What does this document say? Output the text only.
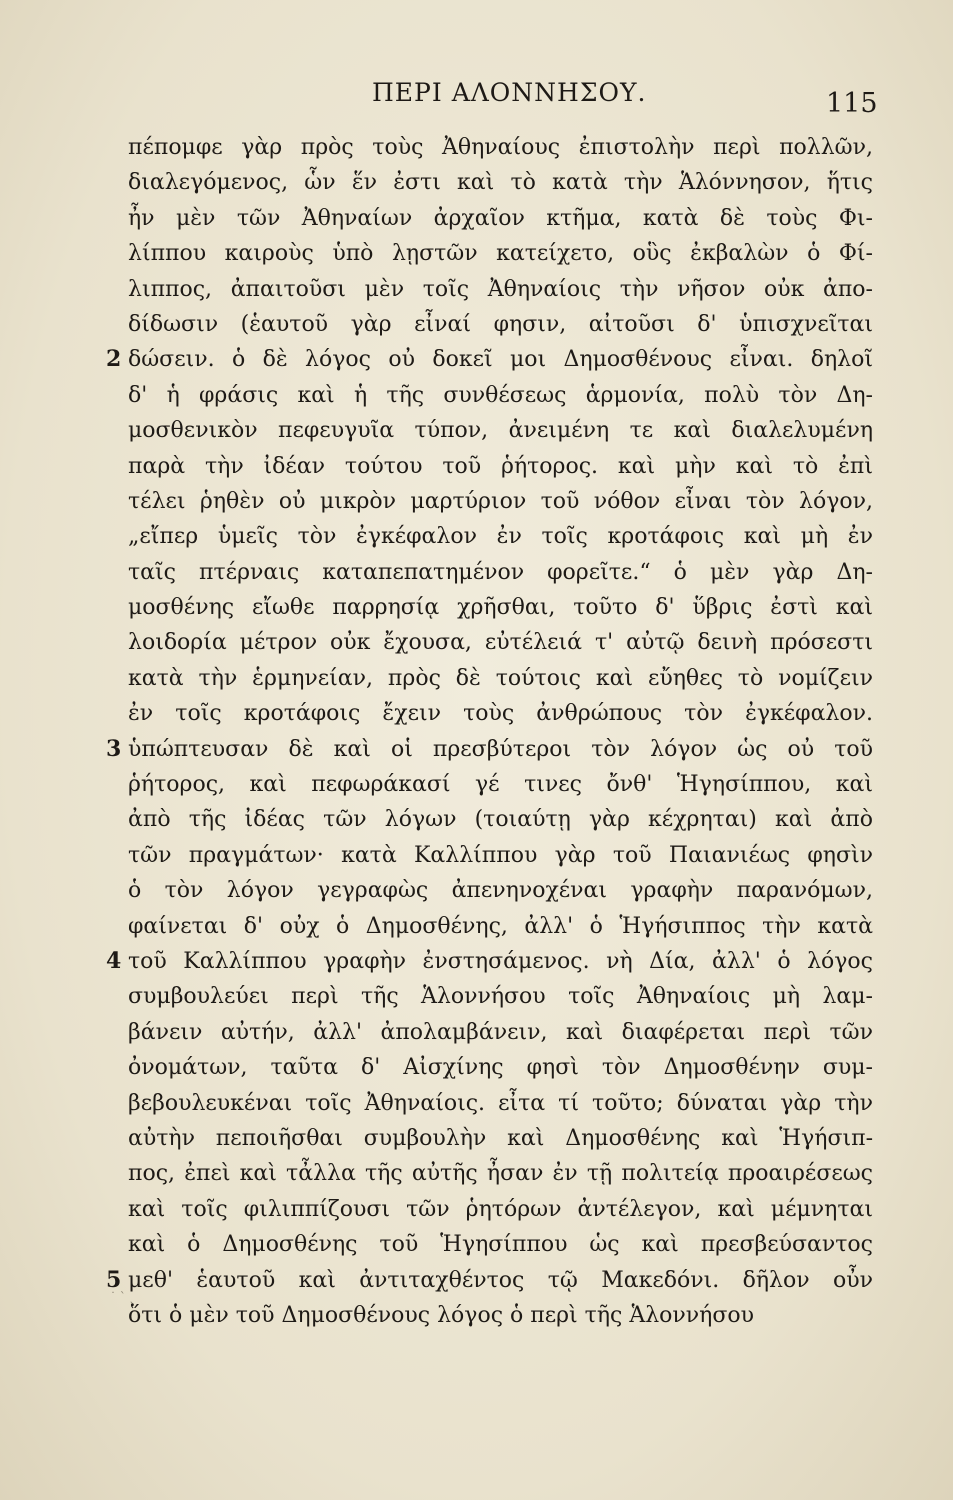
ΠΕΡΙ ΑΛΟΝΝΗΣΟΥ.	115
πέπομφε γὰρ πρὸς τοὺς Ἀθηναίους ἐπιστολὴν περὶ πολλῶν,
διαλεγόμενος, ὧν ἕν ἐστι καὶ τὸ κατὰ τὴν Ἁλόννησον, ἥτις
ἦν μὲν τῶν Ἀθηναίων ἀρχαῖον κτῆμα, κατὰ δὲ τοὺς Φι-
λίππου καιροὺς ὑπὸ λῃστῶν κατείχετο, οὓς ἐκβαλὼν ὁ Φί-
λιππος, ἀπαιτοῦσι μὲν τοῖς Ἀθηναίοις τὴν νῆσον οὐκ ἀπο-
δίδωσιν (ἑαυτοῦ γὰρ εἶναί φησιν, αἰτοῦσι δ' ὑπισχνεῖται
2 δώσειν. ὁ δὲ λόγος οὐ δοκεῖ μοι Δημοσθένους εἶναι. δηλοῖ
δ' ἡ φράσις καὶ ἡ τῆς συνθέσεως ἁρμονία, πολὺ τὸν Δη-
μοσθενικὸν πεφευγυῖα τύπον, ἀνειμένη τε καὶ διαλελυμένη
παρὰ τὴν ἰδέαν τούτου τοῦ ῥήτορος. καὶ μὴν καὶ τὸ ἐπὶ
τέλει ῥηθὲν οὐ μικρὸν μαρτύριον τοῦ νόθον εἶναι τὸν λόγον,
„εἴπερ ὑμεῖς τὸν ἐγκέφαλον ἐν τοῖς κροτάφοις καὶ μὴ ἐν
ταῖς πτέρναις καταπεπατημένον φορεῖτε.“ ὁ μὲν γὰρ Δη-
μοσθένης εἴωθε παρρησίᾳ χρῆσθαι, τοῦτο δ' ὕβρις ἐστὶ καὶ
λοιδορία μέτρον οὐκ ἔχουσα, εὐτέλειά τ' αὐτῷ δεινὴ πρόσεστι
κατὰ τὴν ἑρμηνείαν, πρὸς δὲ τούτοις καὶ εὔηθες τὸ νομίζειν
ἐν τοῖς κροτάφοις ἔχειν τοὺς ἀνθρώπους τὸν ἐγκέφαλον.
3 ὑπώπτευσαν δὲ καὶ οἱ πρεσβύτεροι τὸν λόγον ὡς οὐ τοῦ
ῥήτορος, καὶ πεφωράκασί γέ τινες ὄνθ' Ἡγησίππου, καὶ
ἀπὸ τῆς ἰδέας τῶν λόγων (τοιαύτῃ γὰρ κέχρηται) καὶ ἀπὸ
τῶν πραγμάτων· κατὰ Καλλίππου γὰρ τοῦ Παιανιέως φησὶν
ὁ τὸν λόγον γεγραφὼς ἀπενηνοχέναι γραφὴν παρανόμων,
φαίνεται δ' οὐχ ὁ Δημοσθένης, ἀλλ' ὁ Ἡγήσιππος τὴν κατὰ
4 τοῦ Καλλίππου γραφὴν ἐνστησάμενος. νὴ Δία, ἀλλ' ὁ λόγος
συμβουλεύει περὶ τῆς Ἁλοννήσου τοῖς Ἀθηναίοις μὴ λαμ-
βάνειν αὐτήν, ἀλλ' ἀπολαμβάνειν, καὶ διαφέρεται περὶ τῶν
ὀνομάτων, ταῦτα δ' Αἰσχίνης φησὶ τὸν Δημοσθένην συμ-
βεβουλευκέναι τοῖς Ἀθηναίοις. εἶτα τί τοῦτο; δύναται γὰρ τὴν
αὐτὴν πεποιῆσθαι συμβουλὴν καὶ Δημοσθένης καὶ Ἡγήσιπ-
πος, ἐπεὶ καὶ τἆλλα τῆς αὐτῆς ἦσαν ἐν τῇ πολιτείᾳ προαιρέσεως
καὶ τοῖς φιλιππίζουσι τῶν ῥητόρων ἀντέλεγον, καὶ μέμνηται
καὶ ὁ Δημοσθένης τοῦ Ἡγησίππου ὡς καὶ πρεσβεύσαντος
5 μεθ' ἑαυτοῦ καὶ ἀντιταχθέντος τῷ Μακεδόνι. δῆλον οὖν
ὅτι ὁ μὲν τοῦ Δημοσθένους λόγος ὁ περὶ τῆς Ἁλοννήσου
˙ ` ˎ
